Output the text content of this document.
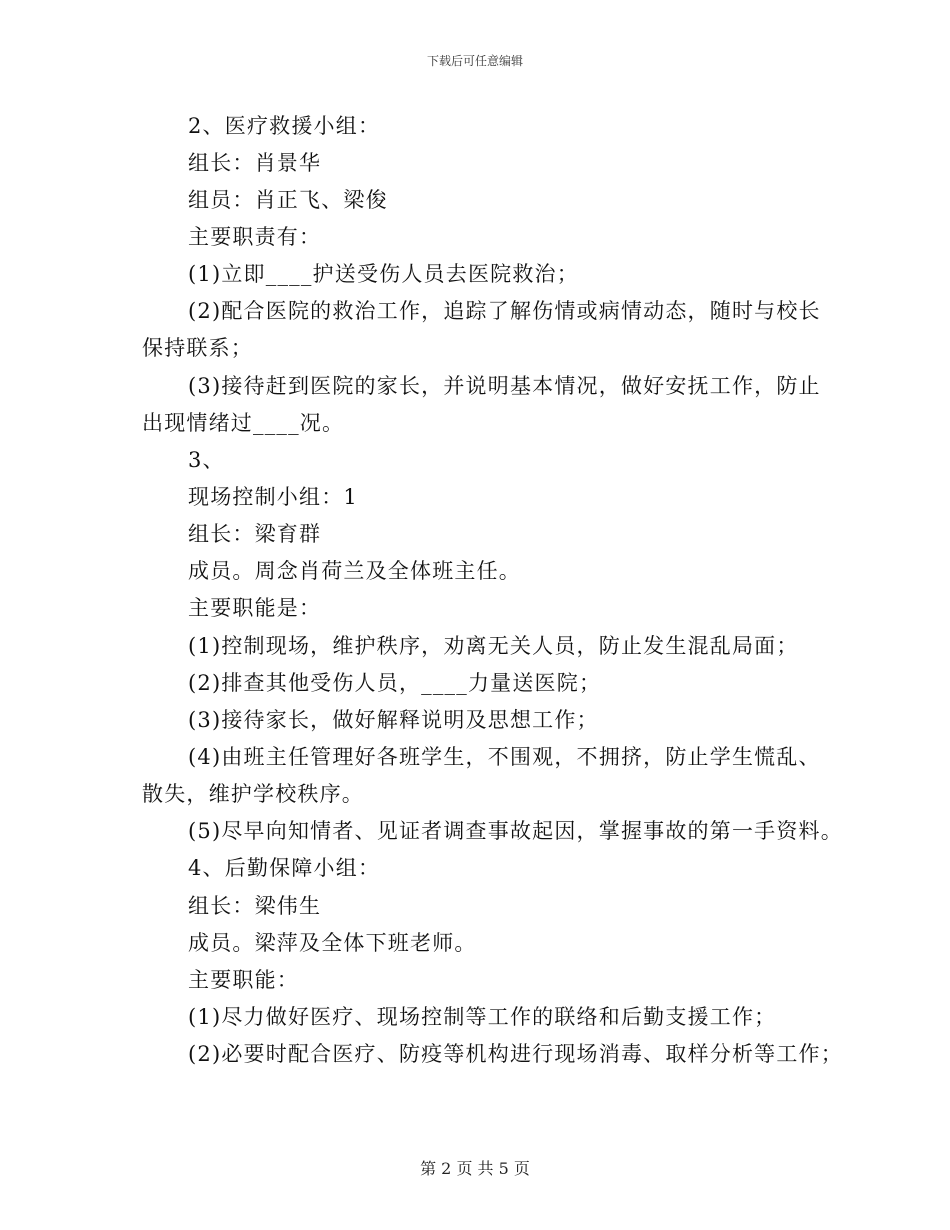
下载后可任意编辑
2、医疗救援小组：
组长：肖景华
组员：肖正飞、梁俊
主要职责有：
(1)立即____护送受伤人员去医院救治；
(2)配合医院的救治工作，追踪了解伤情或病情动态，随时与校长
保持联系；
(3)接待赶到医院的家长，并说明基本情况，做好安抚工作，防止
出现情绪过____况。
3、
现场控制小组：1
组长：梁育群
成员。周念肖荷兰及全体班主任。
主要职能是：
(1)控制现场，维护秩序，劝离无关人员，防止发生混乱局面；
(2)排查其他受伤人员，____力量送医院；
(3)接待家长，做好解释说明及思想工作；
(4)由班主任管理好各班学生，不围观，不拥挤，防止学生慌乱、
散失，维护学校秩序。
(5)尽早向知情者、见证者调查事故起因，掌握事故的第一手资料。
4、后勤保障小组：
组长：梁伟生
成员。梁萍及全体下班老师。
主要职能：
(1)尽力做好医疗、现场控制等工作的联络和后勤支援工作；
(2)必要时配合医疗、防疫等机构进行现场消毒、取样分析等工作；
第 2 页 共 5 页
